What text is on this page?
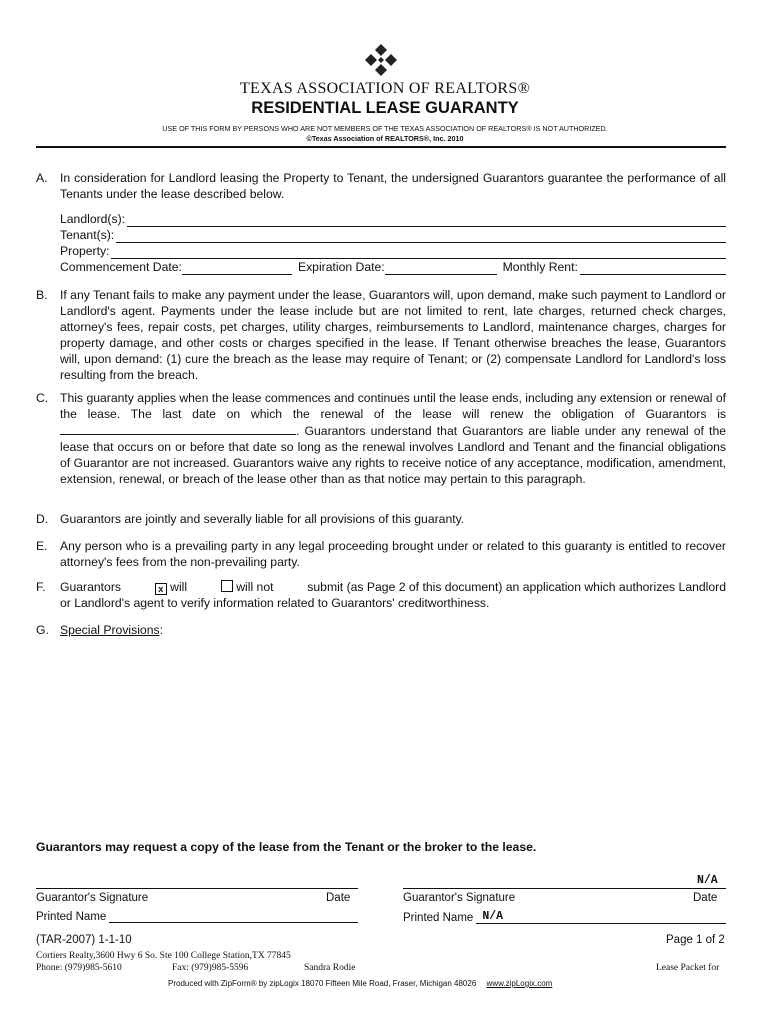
TEXAS ASSOCIATION OF REALTORS®
RESIDENTIAL LEASE GUARANTY
USE OF THIS FORM BY PERSONS WHO ARE NOT MEMBERS OF THE TEXAS ASSOCIATION OF REALTORS® IS NOT AUTHORIZED.
©Texas Association of REALTORS®, Inc. 2010
A. In consideration for Landlord leasing the Property to Tenant, the undersigned Guarantors guarantee the performance of all Tenants under the lease described below.
Landlord(s):
Tenant(s):
Property:
Commencement Date:	Expiration Date:	Monthly Rent:
B. If any Tenant fails to make any payment under the lease, Guarantors will, upon demand, make such payment to Landlord or Landlord's agent. Payments under the lease include but are not limited to rent, late charges, returned check charges, attorney's fees, repair costs, pet charges, utility charges, reimbursements to Landlord, maintenance charges, charges for property damage, and other costs or charges specified in the lease. If Tenant otherwise breaches the lease, Guarantors will, upon demand: (1) cure the breach as the lease may require of Tenant; or (2) compensate Landlord for Landlord's loss resulting from the breach.
C. This guaranty applies when the lease commences and continues until the lease ends, including any extension or renewal of the lease. The last date on which the renewal of the lease will renew the obligation of Guarantors is . Guarantors understand that Guarantors are liable under any renewal of the lease that occurs on or before that date so long as the renewal involves Landlord and Tenant and the financial obligations of Guarantor are not increased. Guarantors waive any rights to receive notice of any acceptance, modification, amendment, extension, renewal, or breach of the lease other than as that notice may pertain to this paragraph.
D. Guarantors are jointly and severally liable for all provisions of this guaranty.
E. Any person who is a prevailing party in any legal proceeding brought under or related to this guaranty is entitled to recover attorney's fees from the non-prevailing party.
F. Guarantors	x will	will not	submit (as Page 2 of this document) an application which authorizes Landlord
or Landlord's agent to verify information related to Guarantors' creditworthiness.
G. Special Provisions:
Guarantors may request a copy of the lease from the Tenant or the broker to the lease.
Guarantor's Signature	Date
Printed Name
N/A
Guarantor's Signature	Date
Printed Name N/A
(TAR-2007) 1-1-10	Page 1 of 2
Cortiers Realty,3600 Hwy 6 So. Ste 100 College Station,TX 77845
Phone: (979)985-5610	Fax: (979)985-5596	Sandra Rodie	Lease Packet for
Produced with ZipForm® by zipLogix 18070 Fifteen Mile Road, Fraser, Michigan 48026 www.zipLogix.com
